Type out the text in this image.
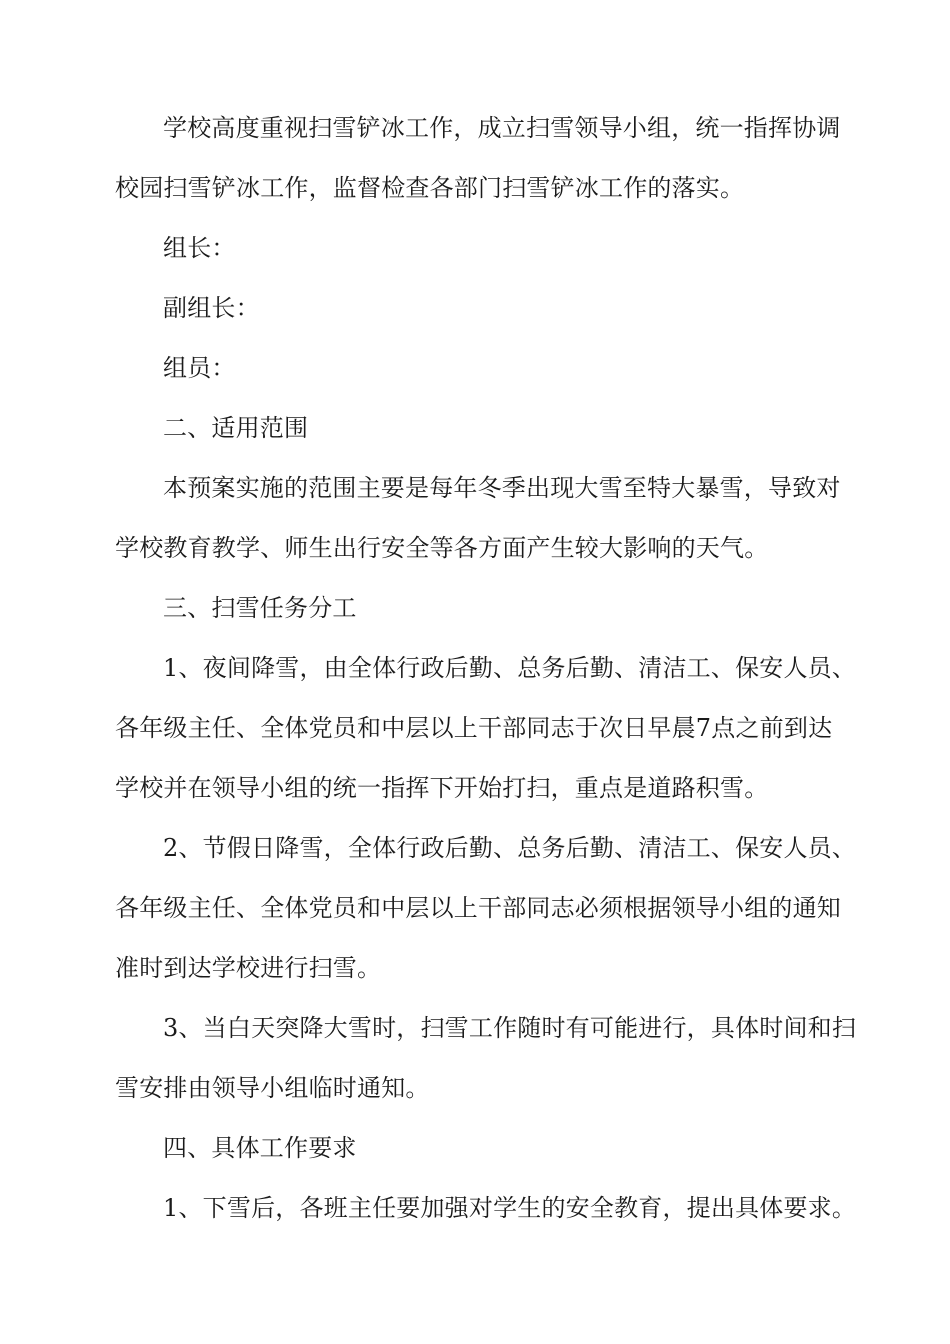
学校高度重视扫雪铲冰工作，成立扫雪领导小组，统一指挥协调
校园扫雪铲冰工作，监督检查各部门扫雪铲冰工作的落实。
组长：
副组长：
组员：
二、适用范围
本预案实施的范围主要是每年冬季出现大雪至特大暴雪，导致对
学校教育教学、师生出行安全等各方面产生较大影响的天气。
三、扫雪任务分工
1、夜间降雪，由全体行政后勤、总务后勤、清洁工、保安人员、
各年级主任、全体党员和中层以上干部同志于次日早晨7点之前到达
学校并在领导小组的统一指挥下开始打扫，重点是道路积雪。
2、节假日降雪，全体行政后勤、总务后勤、清洁工、保安人员、
各年级主任、全体党员和中层以上干部同志必须根据领导小组的通知
准时到达学校进行扫雪。
3、当白天突降大雪时，扫雪工作随时有可能进行，具体时间和扫
雪安排由领导小组临时通知。
四、具体工作要求
1、下雪后，各班主任要加强对学生的安全教育，提出具体要求。
